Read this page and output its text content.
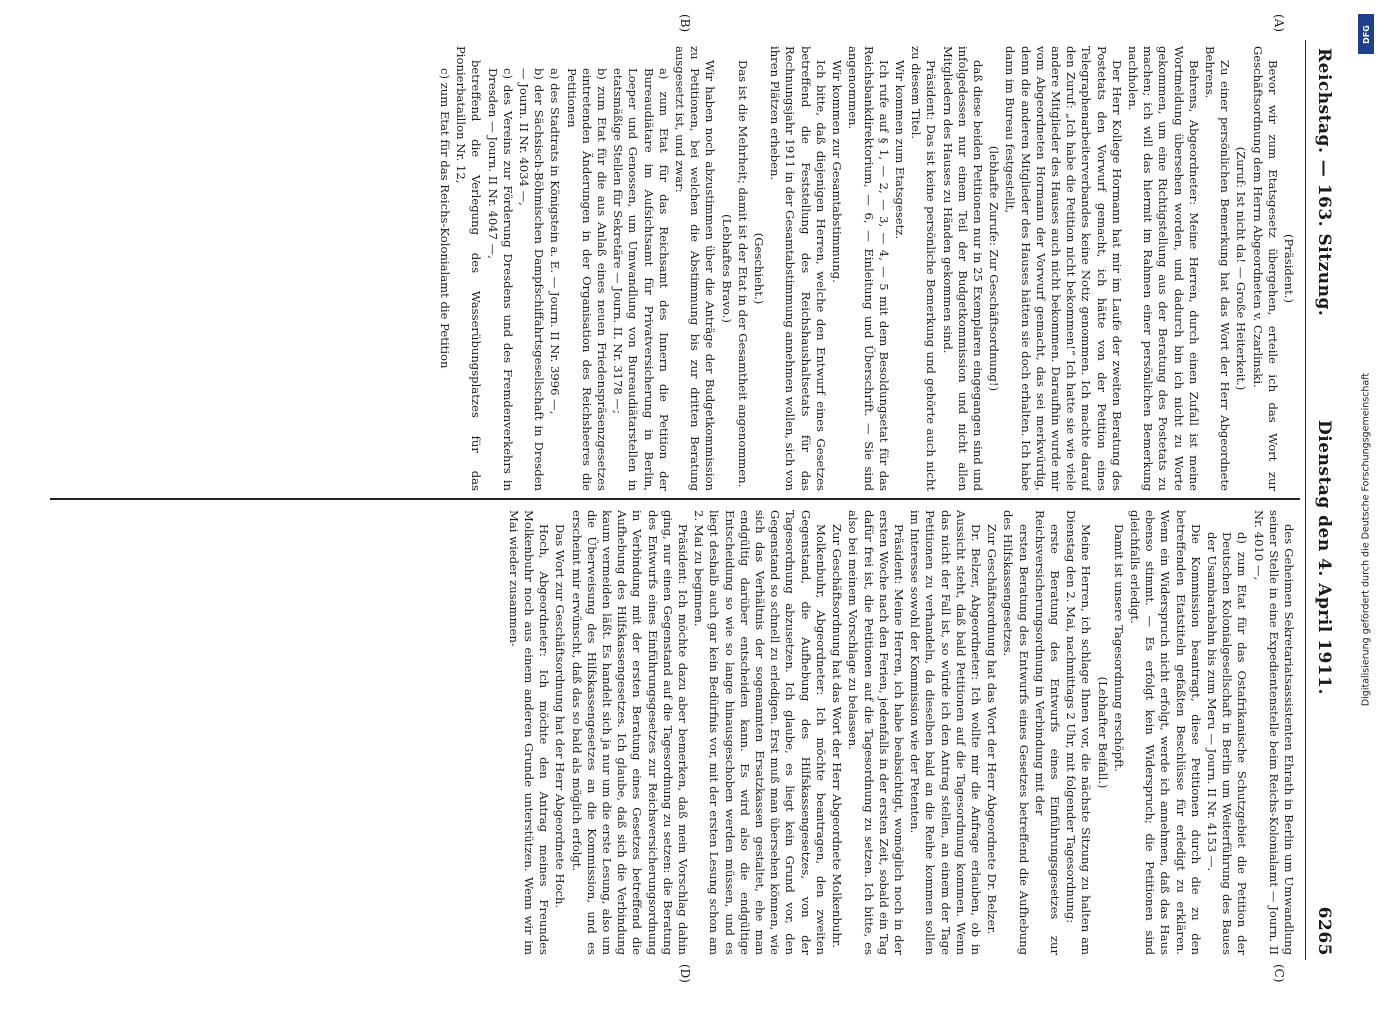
Reichstag. — 163. Sitzung.
Dienstag den 4. April 1911.
6265
(A)
(B)
(C)
(D)

(Präsident.)

Bevor wir zum Etatsgesetz übergehen, erteile ich das Wort zur Geschäftsordnung dem Herrn Abgeordneten v. Czarlinski.

(Zuruf: Ist nicht da! — Große Heiterkeit.)

Zu einer persönlichen Bemerkung hat das Wort der Herr Abgeordnete Behrens.

Behrens, Abgeordneter: Meine Herren, durch einen Zufall ist meine Wortmeldung übersehen worden, und dadurch bin ich nicht zu Worte gekommen, um eine Richtigstellung aus der Beratung des Postetats zu machen; ich will das hiermit im Rahmen einer persönlichen Bemerkung nachholen.

Der Herr Kollege Hormann hat mir im Laufe der zweiten Beratung des Postetats den Vorwurf gemacht, ich hätte von der Petition eines Telegraphenarbeiterverbandes keine Notiz genommen. Ich machte darauf den Zuruf: „Ich habe die Petition nicht bekommen!“ Ich hatte sie wie viele andere Mitglieder des Hauses auch nicht bekommen. Daraufhin wurde mir vom Abgeordneten Hormann der Vorwurf gemacht, das sei merkwürdig, denn die anderen Mitglieder des Hauses hätten sie doch erhalten. Ich habe dann im Bureau festgestellt,

(lebhafte Zurufe: Zur Geschäftsordnung!)

daß diese beiden Petitionen nur in 25 Exemplaren eingegangen sind und infolgedessen nur einem Teil der Budgetkommission und nicht allen Mitgliedern des Hauses zu Händen gekommen sind.

Präsident: Das ist keine persönliche Bemerkung und gehörte auch nicht zu diesem Titel.

Wir kommen zum Etatsgesetz.

Ich rufe auf § 1, — 2, — 3, — 4, — 5 mit dem Besoldungsetat für das Reichsbankdirektorium, — 6, — Einleitung und Überschrift. — Sie sind angenommen.

Wir kommen zur Gesamtabstimmung.

Ich bitte, daß diejenigen Herren, welche den Entwurf eines Gesetzes betreffend die Feststellung des Reichshaushaltsetats für das Rechnungsjahr 1911 in der Gesamtabstimmung annehmen wollen, sich von ihren Plätzen erheben.

(Geschieht.)

Das ist die Mehrheit; damit ist der Etat in der Gesamtheit angenommen.

(Lebhaftes Bravo.)

Wir haben noch abzustimmen über die Anträge der Budgetkommission zu Petitionen, bei welchen die Abstimmung bis zur dritten Beratung ausgesetzt ist, und zwar:

a) zum Etat für das Reichsamt des Innern die Petition der Bureaudiätare im Aufsichtsamt für Privatversicherung in Berlin, Loeper und Genossen, um Umwandlung von Bureaudiätarstellen in etatsmäßige Stellen für Sekretäre — Journ. II. Nr. 3178 —;

b) zum Etat für die aus Anlaß eines neuen Friedenspräsenzgesetzes eintretenden Änderungen in der Organisation des Reichsheeres die Petitionen

a) des Stadtrats in Königstein a. E. — Journ. II Nr. 3996 —,

b) der Sächsisch-Böhmischen Dampfschiffahrtsgesellschaft in Dresden — Journ. II Nr. 4034 —,

c) des Vereins zur Förderung Dresdens und des Fremdenverkehrs in Dresden — Journ. II Nr. 4047 —,

betreffend die Verlegung des Wasserübungsplatzes für das Pionierbataillon Nr. 12,

c) zum Etat für das Reichs-Kolonialamt die Petition

des Geheimen Sekretariatsassistenten Ehrath in Berlin um Umwandlung seiner Stelle in eine Expedientenstelle beim Reichs-Kolonialamt — Journ. II Nr. 4010 —,

d) zum Etat für das Ostafrikanische Schutzgebiet die Petition der Deutschen Kolonialgesellschaft in Berlin um Weiterführung des Baues der Usambarabahn bis zum Meru — Journ. II Nr. 4153 —.

Die Kommission beantragt, diese Petitionen durch die zu den betreffenden Etatstiteln gefaßten Beschlüsse für erledigt zu erklären. Wenn ein Widerspruch nicht erfolgt, werde ich annehmen, daß das Haus ebenso stimmt. — Es erfolgt kein Widerspruch; die Petitionen sind gleichfalls erledigt.

Damit ist unsere Tagesordnung erschöpft.

(Lebhafter Beifall.)

Meine Herren, ich schlage Ihnen vor, die nächste Sitzung zu halten am Dienstag den 2. Mai, nachmittags 2 Uhr, mit folgender Tagesordnung:

erste Beratung des Entwurfs eines Einführungsgesetzes zur Reichsversicherungsordnung in Verbindung mit der

ersten Beratung des Entwurfs eines Gesetzes betreffend die Aufhebung des Hilfskassengesetzes.

Zur Geschäftsordnung hat das Wort der Herr Abgeordnete Dr. Belzer.

Dr. Belzer, Abgeordneter: Ich wollte mir die Anfrage erlauben, ob in Aussicht steht, daß bald Petitionen auf die Tagesordnung kommen. Wenn das nicht der Fall ist, so würde ich den Antrag stellen, an einem der Tage Petitionen zu verhandeln, da dieselben bald an die Reihe kommen sollen im Interesse sowohl der Kommission wie der Petenten.

Präsident: Meine Herren, ich habe beabsichtigt, womöglich noch in der ersten Woche nach den Ferien, jedenfalls in der ersten Zeit, sobald ein Tag dafür frei ist, die Petitionen auf die Tagesordnung zu setzen. Ich bitte, es also bei meinem Vorschlage zu belassen.

Zur Geschäftsordnung hat das Wort der Herr Abgeordnete Molkenbuhr.

Molkenbuhr, Abgeordneter: Ich möchte beantragen, den zweiten Gegenstand, die Aufhebung des Hilfskassengesetzes, von der Tagesordnung abzusetzen. Ich glaube, es liegt kein Grund vor, den Gegenstand so schnell zu erledigen. Erst muß man übersehen können, wie sich das Verhältnis der sogenannten Ersatzkassen gestaltet, ehe man endgültig darüber entscheiden kann. Es wird also die endgültige Entscheidung so wie so lange hinausgeschoben werden müssen, und es liegt deshalb auch gar kein Bedürfnis vor, mit der ersten Lesung schon am 2. Mai zu beginnen.

Präsident: Ich möchte dazu aber bemerken, daß mein Vorschlag dahin ging, nur einen Gegenstand auf die Tagesordnung zu setzen: die Beratung des Entwurfs eines Einführungsgesetzes zur Reichsversicherungsordnung in Verbindung mit der ersten Beratung eines Gesetzes betreffend die Aufhebung des Hilfskassengesetzes. Ich glaube, daß sich die Verbindung kaum vermeiden läßt. Es handelt sich ja nur um die erste Lesung, also um die Überweisung des Hilfskassengesetzes an die Kommission, und es erscheint mir erwünscht, daß das so bald als möglich erfolgt.

Das Wort zur Geschäftsordnung hat der Herr Abgeordnete Hoch.

Hoch, Abgeordneter: Ich möchte den Antrag meines Freundes Molkenbuhr noch aus einem anderen Grunde unterstützen. Wenn wir im Mai wieder zusammen-

DFG
Digitalisierung gefördert durch die Deutsche Forschungsgemeinschaft
